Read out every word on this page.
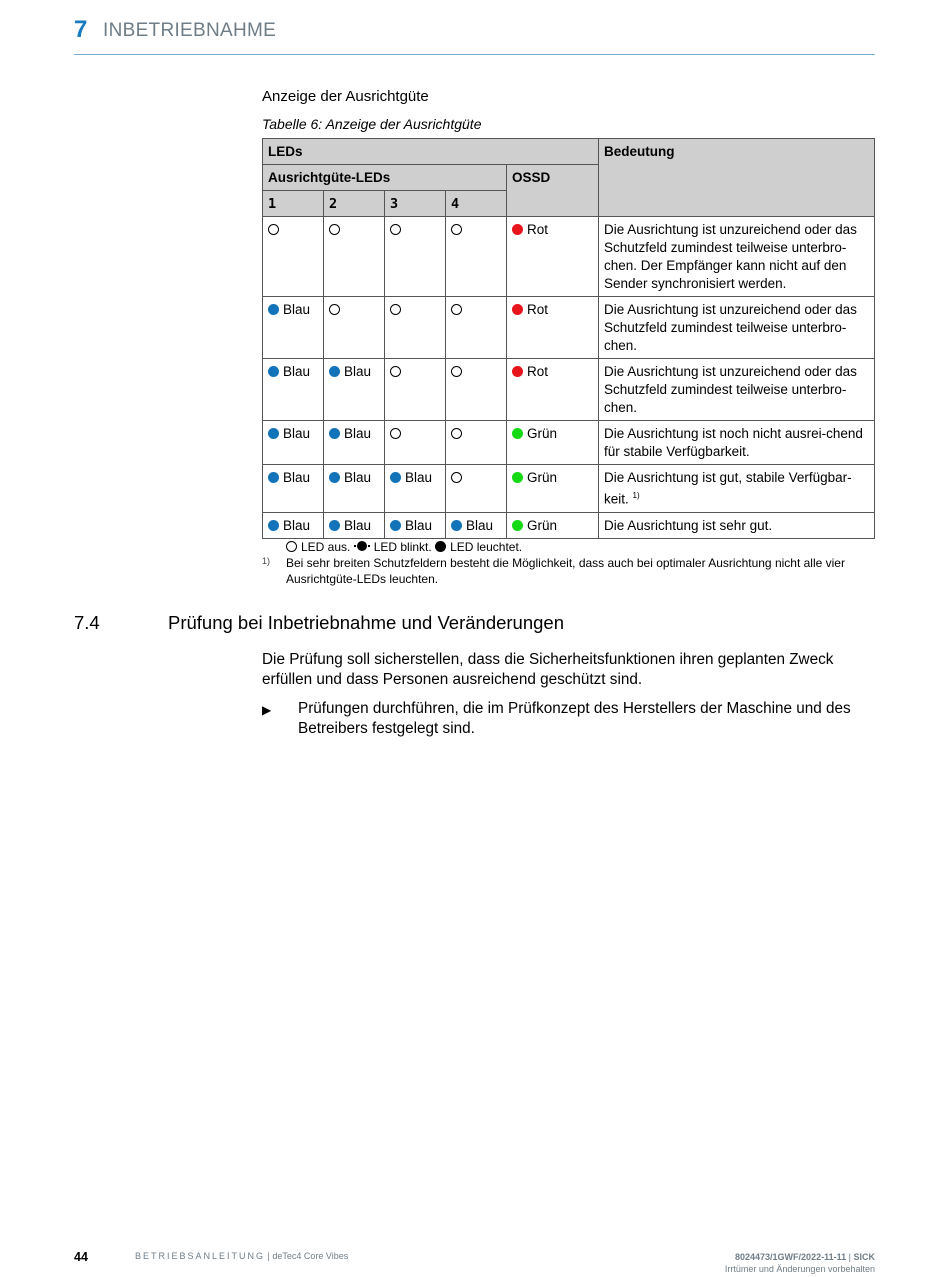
7 INBETRIEBNAHME
Anzeige der Ausrichtgüte
Tabelle 6: Anzeige der Ausrichtgüte
LEDs					Bedeutung
Ausrichtgüte-LEDs				OSSD	
1	2	3	4		
				Rot	Die Ausrichtung ist unzureichend oder das Schutzfeld zumindest teilweise unterbro-chen. Der Empfänger kann nicht auf den Sender synchronisiert werden.
Blau				Rot	Die Ausrichtung ist unzureichend oder das Schutzfeld zumindest teilweise unterbro-chen.
Blau	Blau			Rot	Die Ausrichtung ist unzureichend oder das Schutzfeld zumindest teilweise unterbro-chen.
Blau	Blau			Grün	Die Ausrichtung ist noch nicht ausrei-chend für stabile Verfügbarkeit.
Blau	Blau	Blau		Grün	Die Ausrichtung ist gut, stabile Verfügbar-keit. $^{1)}$
Blau	Blau	Blau	Blau	Grün	Die Ausrichtung ist sehr gut.
LED aus. LED blinkt. LED leuchtet.
1) Bei sehr breiten Schutzfeldern besteht die Möglichkeit, dass auch bei optimaler Ausrichtung nicht alle vier Ausrichtgüte-LEDs leuchten.
7.4	Prüfung bei Inbetriebnahme und Veränderungen
Die Prüfung soll sicherstellen, dass die Sicherheitsfunktionen ihren geplanten Zweck erfüllen und dass Personen ausreichend geschützt sind.
▶ Prüfungen durchführen, die im Prüfkonzept des Herstellers der Maschine und des Betreibers festgelegt sind.
44	BETRIEBSANLEITUNG | deTec4 Core Vibes	8024473/1GWF/2022-11-11 | SICK
Irrtümer und Änderungen vorbehalten
